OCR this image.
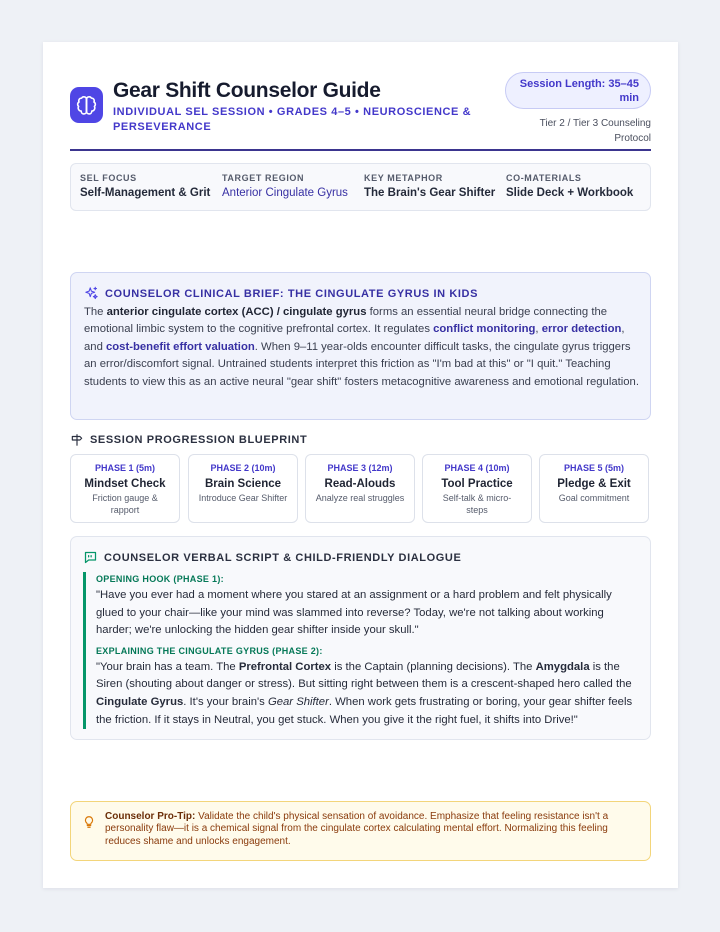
Gear Shift Counselor Guide
INDIVIDUAL SEL SESSION • GRADES 4–5 • NEUROSCIENCE & PERSEVERANCE
Session Length: 35–45 min
Tier 2 / Tier 3 Counseling Protocol
SEL FOCUS
Self-Management & Grit
TARGET REGION
Anterior Cingulate Gyrus
KEY METAPHOR
The Brain's Gear Shifter
CO-MATERIALS
Slide Deck + Workbook
COUNSELOR CLINICAL BRIEF: THE CINGULATE GYRUS IN KIDS
The anterior cingulate cortex (ACC) / cingulate gyrus forms an essential neural bridge connecting the emotional limbic system to the cognitive prefrontal cortex. It regulates conflict monitoring, error detection, and cost-benefit effort valuation. When 9–11 year-olds encounter difficult tasks, the cingulate gyrus triggers an error/discomfort signal. Untrained students interpret this friction as "I'm bad at this" or "I quit." Teaching students to view this as an active neural "gear shift" fosters metacognitive awareness and emotional regulation.
SESSION PROGRESSION BLUEPRINT
PHASE 1 (5m)
Mindset Check
Friction gauge & rapport
PHASE 2 (10m)
Brain Science
Introduce Gear Shifter
PHASE 3 (12m)
Read-Alouds
Analyze real struggles
PHASE 4 (10m)
Tool Practice
Self-talk & micro-steps
PHASE 5 (5m)
Pledge & Exit
Goal commitment
COUNSELOR VERBAL SCRIPT & CHILD-FRIENDLY DIALOGUE
OPENING HOOK (PHASE 1):
"Have you ever had a moment where you stared at an assignment or a hard problem and felt physically glued to your chair—like your mind was slammed into reverse? Today, we're not talking about working harder; we're unlocking the hidden gear shifter inside your skull."
EXPLAINING THE CINGULATE GYRUS (PHASE 2):
"Your brain has a team. The Prefrontal Cortex is the Captain (planning decisions). The Amygdala is the Siren (shouting about danger or stress). But sitting right between them is a crescent-shaped hero called the Cingulate Gyrus. It's your brain's Gear Shifter. When work gets frustrating or boring, your gear shifter feels the friction. If it stays in Neutral, you get stuck. When you give it the right fuel, it shifts into Drive!"
Counselor Pro-Tip: Validate the child's physical sensation of avoidance. Emphasize that feeling resistance isn't a personality flaw—it is a chemical signal from the cingulate cortex calculating mental effort. Normalizing this feeling reduces shame and unlocks engagement.
